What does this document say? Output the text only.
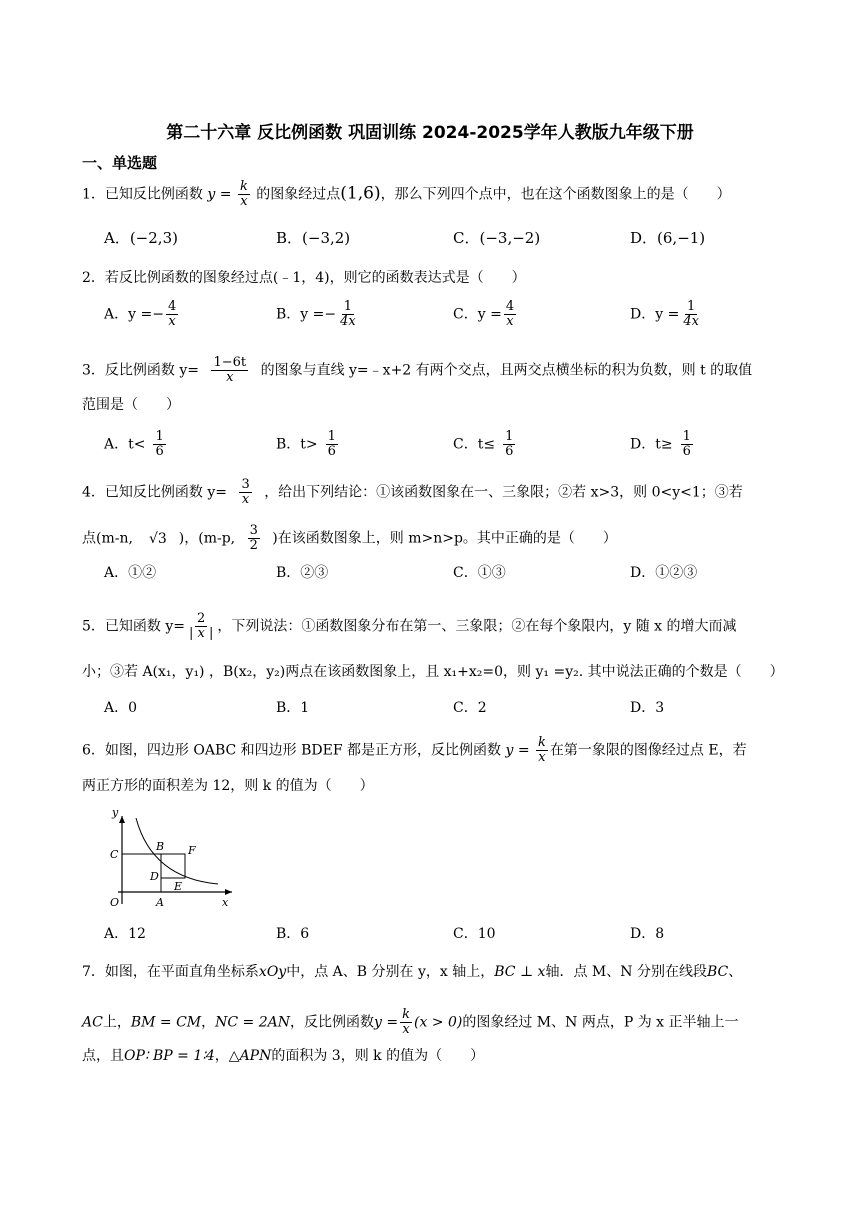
第二十六章 反比例函数 巩固训练 2024-2025学年人教版九年级下册
一、单选题
1．已知反比例函数 $y = \frac{k}{x}$ 的图象经过点(1,6)，那么下列四个点中，也在这个函数图象上的是（　　）
A．(−2,3)	B．(−3,2)	C．(−3,−2)	D．(6,−1)
2．若反比例函数的图象经过点(﹣1，4)，则它的函数表达式是（　　）
A．$y =- \frac{4}{x}$	B．$y =- \frac{1}{4x}$	C．$y = \frac{4}{x}$	D．$y = \frac{1}{4x}$
3．反比例函数 $y= \frac{1-6t}{x}$ 的图象与直线 y=﹣x+2 有两个交点，且两交点横坐标的积为负数，则 t 的取值
范围是（　　）
A．$t< \frac{1}{6}$	B．$t> \frac{1}{6}$	C．$t\le \frac{1}{6}$	D．$t\ge \frac{1}{6}$
4．已知反比例函数 $y= \frac{3}{x}$ ，给出下列结论：①该函数图象在一、三象限；②若 x>3，则 0<y<1；③若
点(m-n, √3 )，(m-p, $\frac{3}{2}$ )在该函数图象上，则 m>n>p。其中正确的是（　　）
A．①②	B．②③	C．①③	D．①②③
5．已知函数 $y= \frac{2}{| x |}$ ，下列说法：①函数图象分布在第一、三象限；②在每个象限内，y 随 x 的增大而减
小；③若 A(x₁，y₁) ，B(x₂，y₂)两点在该函数图象上，且 x₁+x₂=0，则 y₁ =y₂. 其中说法正确的个数是（　　）
A．0	B．1	C．2	D．3
6．如图，四边形 OABC 和四边形 BDEF 都是正方形，反比例函数 $y = \frac{k}{x}$ 在第一象限的图像经过点 E，若
两正方形的面积差为 12，则 k 的值为（　　）
y
x
O	A
B
C
D
E
F
A．12	B．6	C．10	D．8
7．如图，在平面直角坐标系xOy中，点 A、B 分别在 y，x 轴上，BC ⊥ x轴．点 M、N 分别在线段BC、
AC上，BM = CM，NC = 2AN，反比例函数$y = \frac{k}{x} (x > 0)$的图象经过 M、N 两点，P 为 x 正半轴上一
点，且OP∶ BP = 1∶4，△APN的面积为 3，则 k 的值为（　　）
